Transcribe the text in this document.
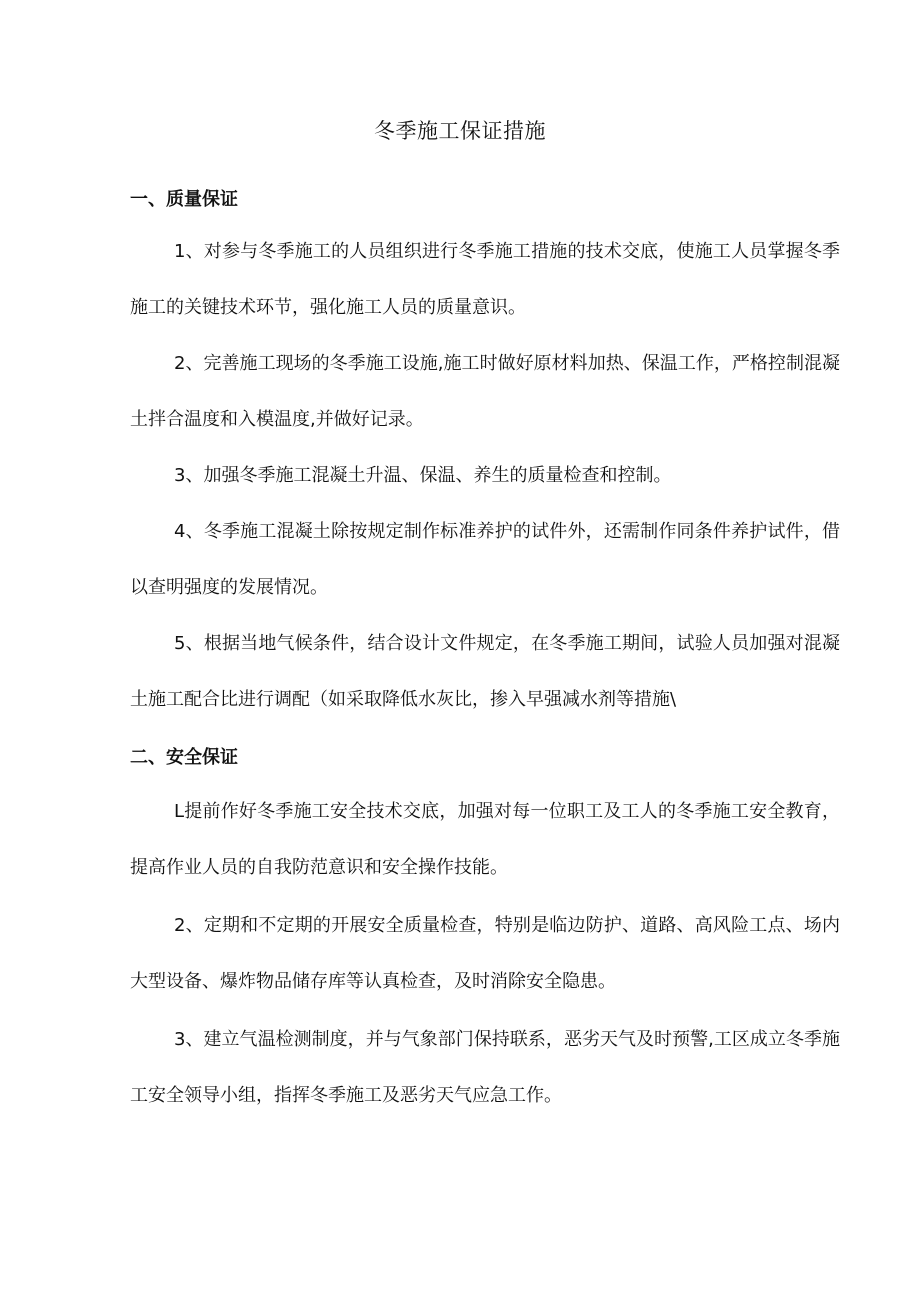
冬季施工保证措施
一、质量保证
1、对参与冬季施工的人员组织进行冬季施工措施的技术交底，使施工人员掌握冬季施工的关键技术环节，强化施工人员的质量意识。
2、完善施工现场的冬季施工设施,施工时做好原材料加热、保温工作，严格控制混凝土拌合温度和入模温度,并做好记录。
3、加强冬季施工混凝土升温、保温、养生的质量检查和控制。
4、冬季施工混凝土除按规定制作标准养护的试件外，还需制作同条件养护试件，借以查明强度的发展情况。
5、根据当地气候条件，结合设计文件规定，在冬季施工期间，试验人员加强对混凝土施工配合比进行调配（如采取降低水灰比，掺入早强减水剂等措施\
二、安全保证
L提前作好冬季施工安全技术交底，加强对每一位职工及工人的冬季施工安全教育，提高作业人员的自我防范意识和安全操作技能。
2、定期和不定期的开展安全质量检查，特别是临边防护、道路、高风险工点、场内大型设备、爆炸物品储存库等认真检查，及时消除安全隐患。
3、建立气温检测制度，并与气象部门保持联系，恶劣天气及时预警,工区成立冬季施工安全领导小组，指挥冬季施工及恶劣天气应急工作。
